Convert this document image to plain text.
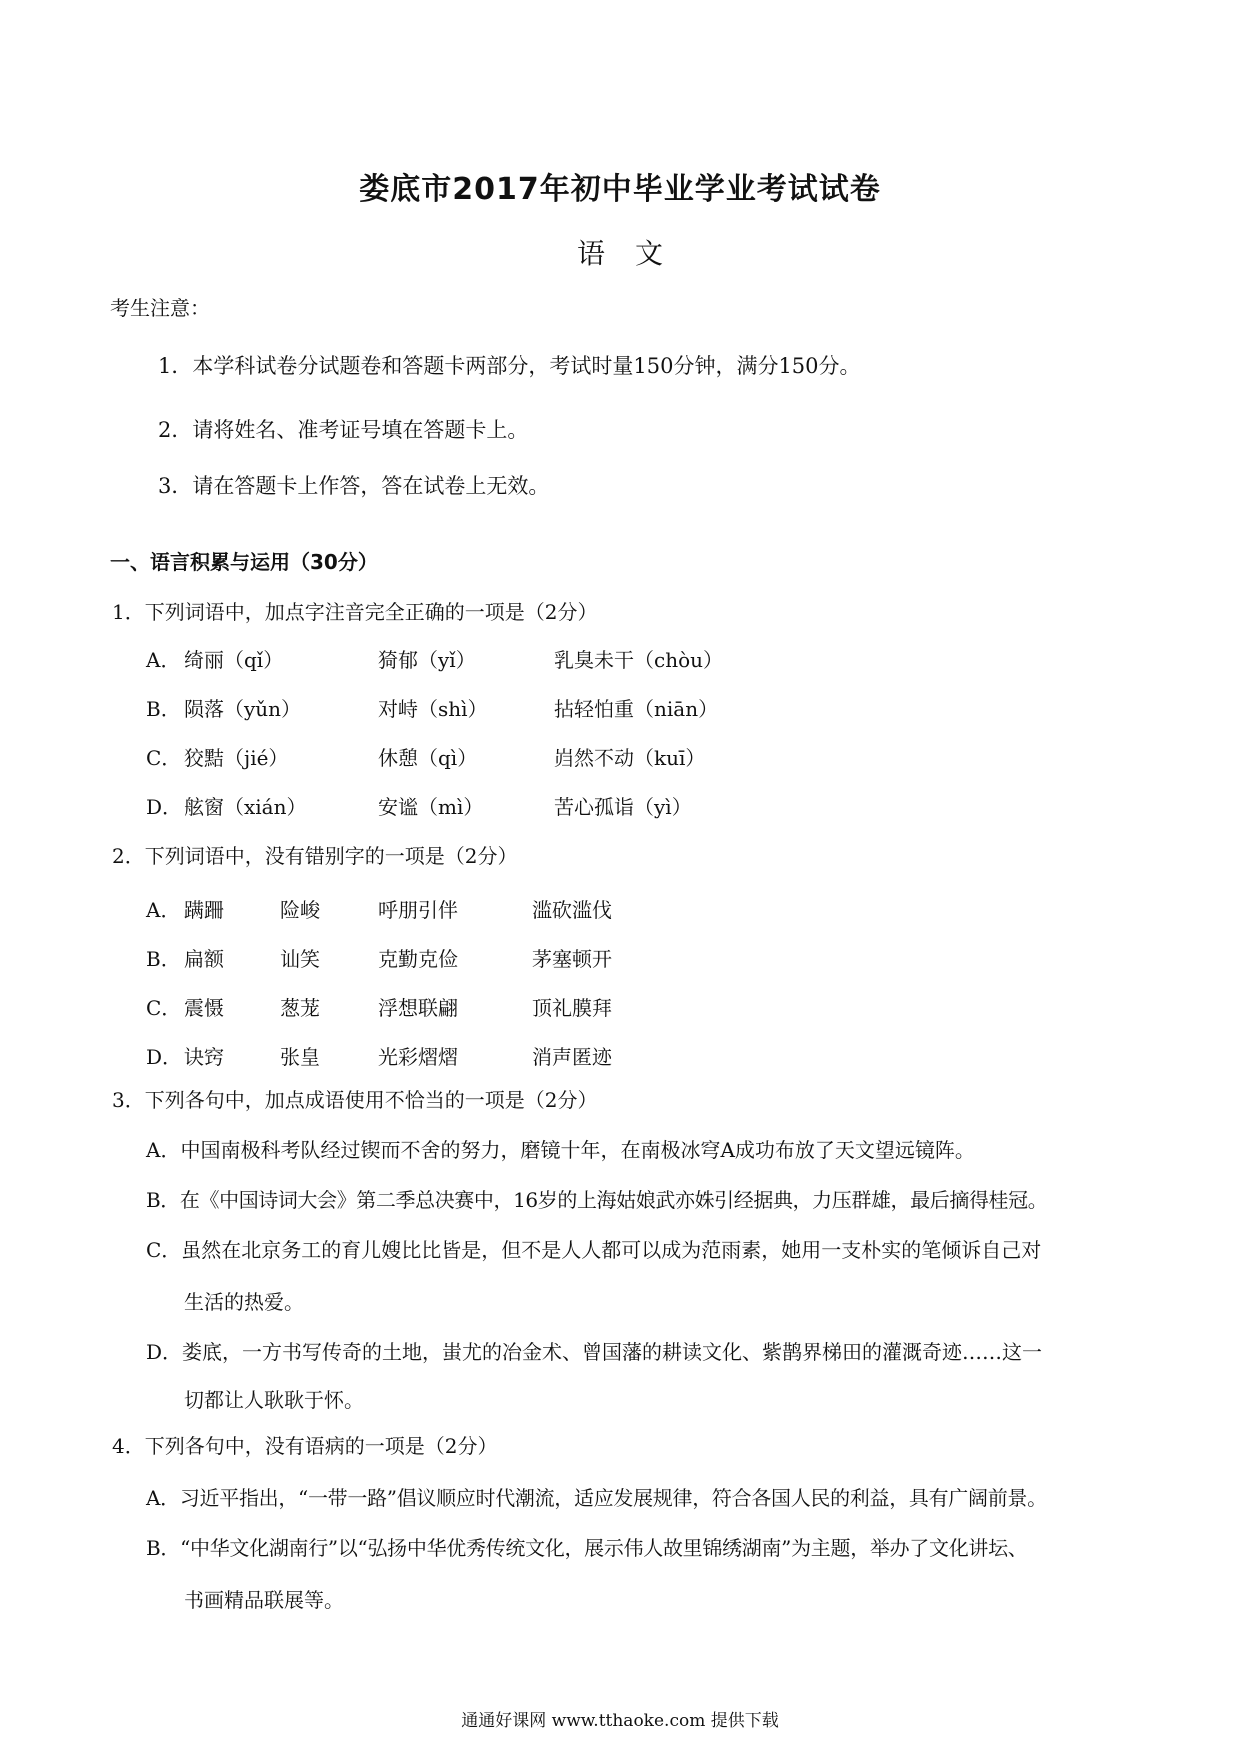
娄底市2017年初中毕业学业考试试卷
语文
考生注意：
1．本学科试卷分试题卷和答题卡两部分，考试时量150分钟，满分150分。
2．请将姓名、准考证号填在答题卡上。
3．请在答题卡上作答，答在试卷上无效。
一、语言积累与运用（30分）
1．下列词语中，加点字注音完全正确的一项是（2分）
A． 绮丽（qǐ）	猗郁（yǐ）	乳臭未干（chòu）
B． 陨落（yǔn）	对峙（shì）	拈轻怕重（niān）
C． 狡黠（jié）	休憩（qì）	岿然不动（kuī）
D． 舷窗（xián）	安谧（mì）	苦心孤诣（yì）
2．下列词语中，没有错别字的一项是（2分）
A． 蹒跚	险峻	呼朋引伴	滥砍滥伐
B． 扁额	讪笑	克勤克俭	茅塞顿开
C． 震慑	葱茏	浮想联翩	顶礼膜拜
D． 诀窍	张皇	光彩熠熠	消声匿迹
3．下列各句中，加点成语使用不恰当的一项是（2分）
A．中国南极科考队经过锲而不舍的努力，磨镜十年，在南极冰穹A成功布放了天文望远镜阵。
B．在《中国诗词大会》第二季总决赛中，16岁的上海姑娘武亦姝引经据典，力压群雄，最后摘得桂冠。
C．虽然在北京务工的育儿嫂比比皆是，但不是人人都可以成为范雨素，她用一支朴实的笔倾诉自己对
生活的热爱。
D．娄底，一方书写传奇的土地，蚩尤的冶金术、曾国藩的耕读文化、紫鹊界梯田的灌溉奇迹……这一
切都让人耿耿于怀。
4．下列各句中，没有语病的一项是（2分）
A．习近平指出，“一带一路”倡议顺应时代潮流，适应发展规律，符合各国人民的利益，具有广阔前景。
B．“中华文化湖南行”以“弘扬中华优秀传统文化，展示伟人故里锦绣湖南”为主题，举办了文化讲坛、
书画精品联展等。
通通好课网 www.tthaoke.com 提供下载
